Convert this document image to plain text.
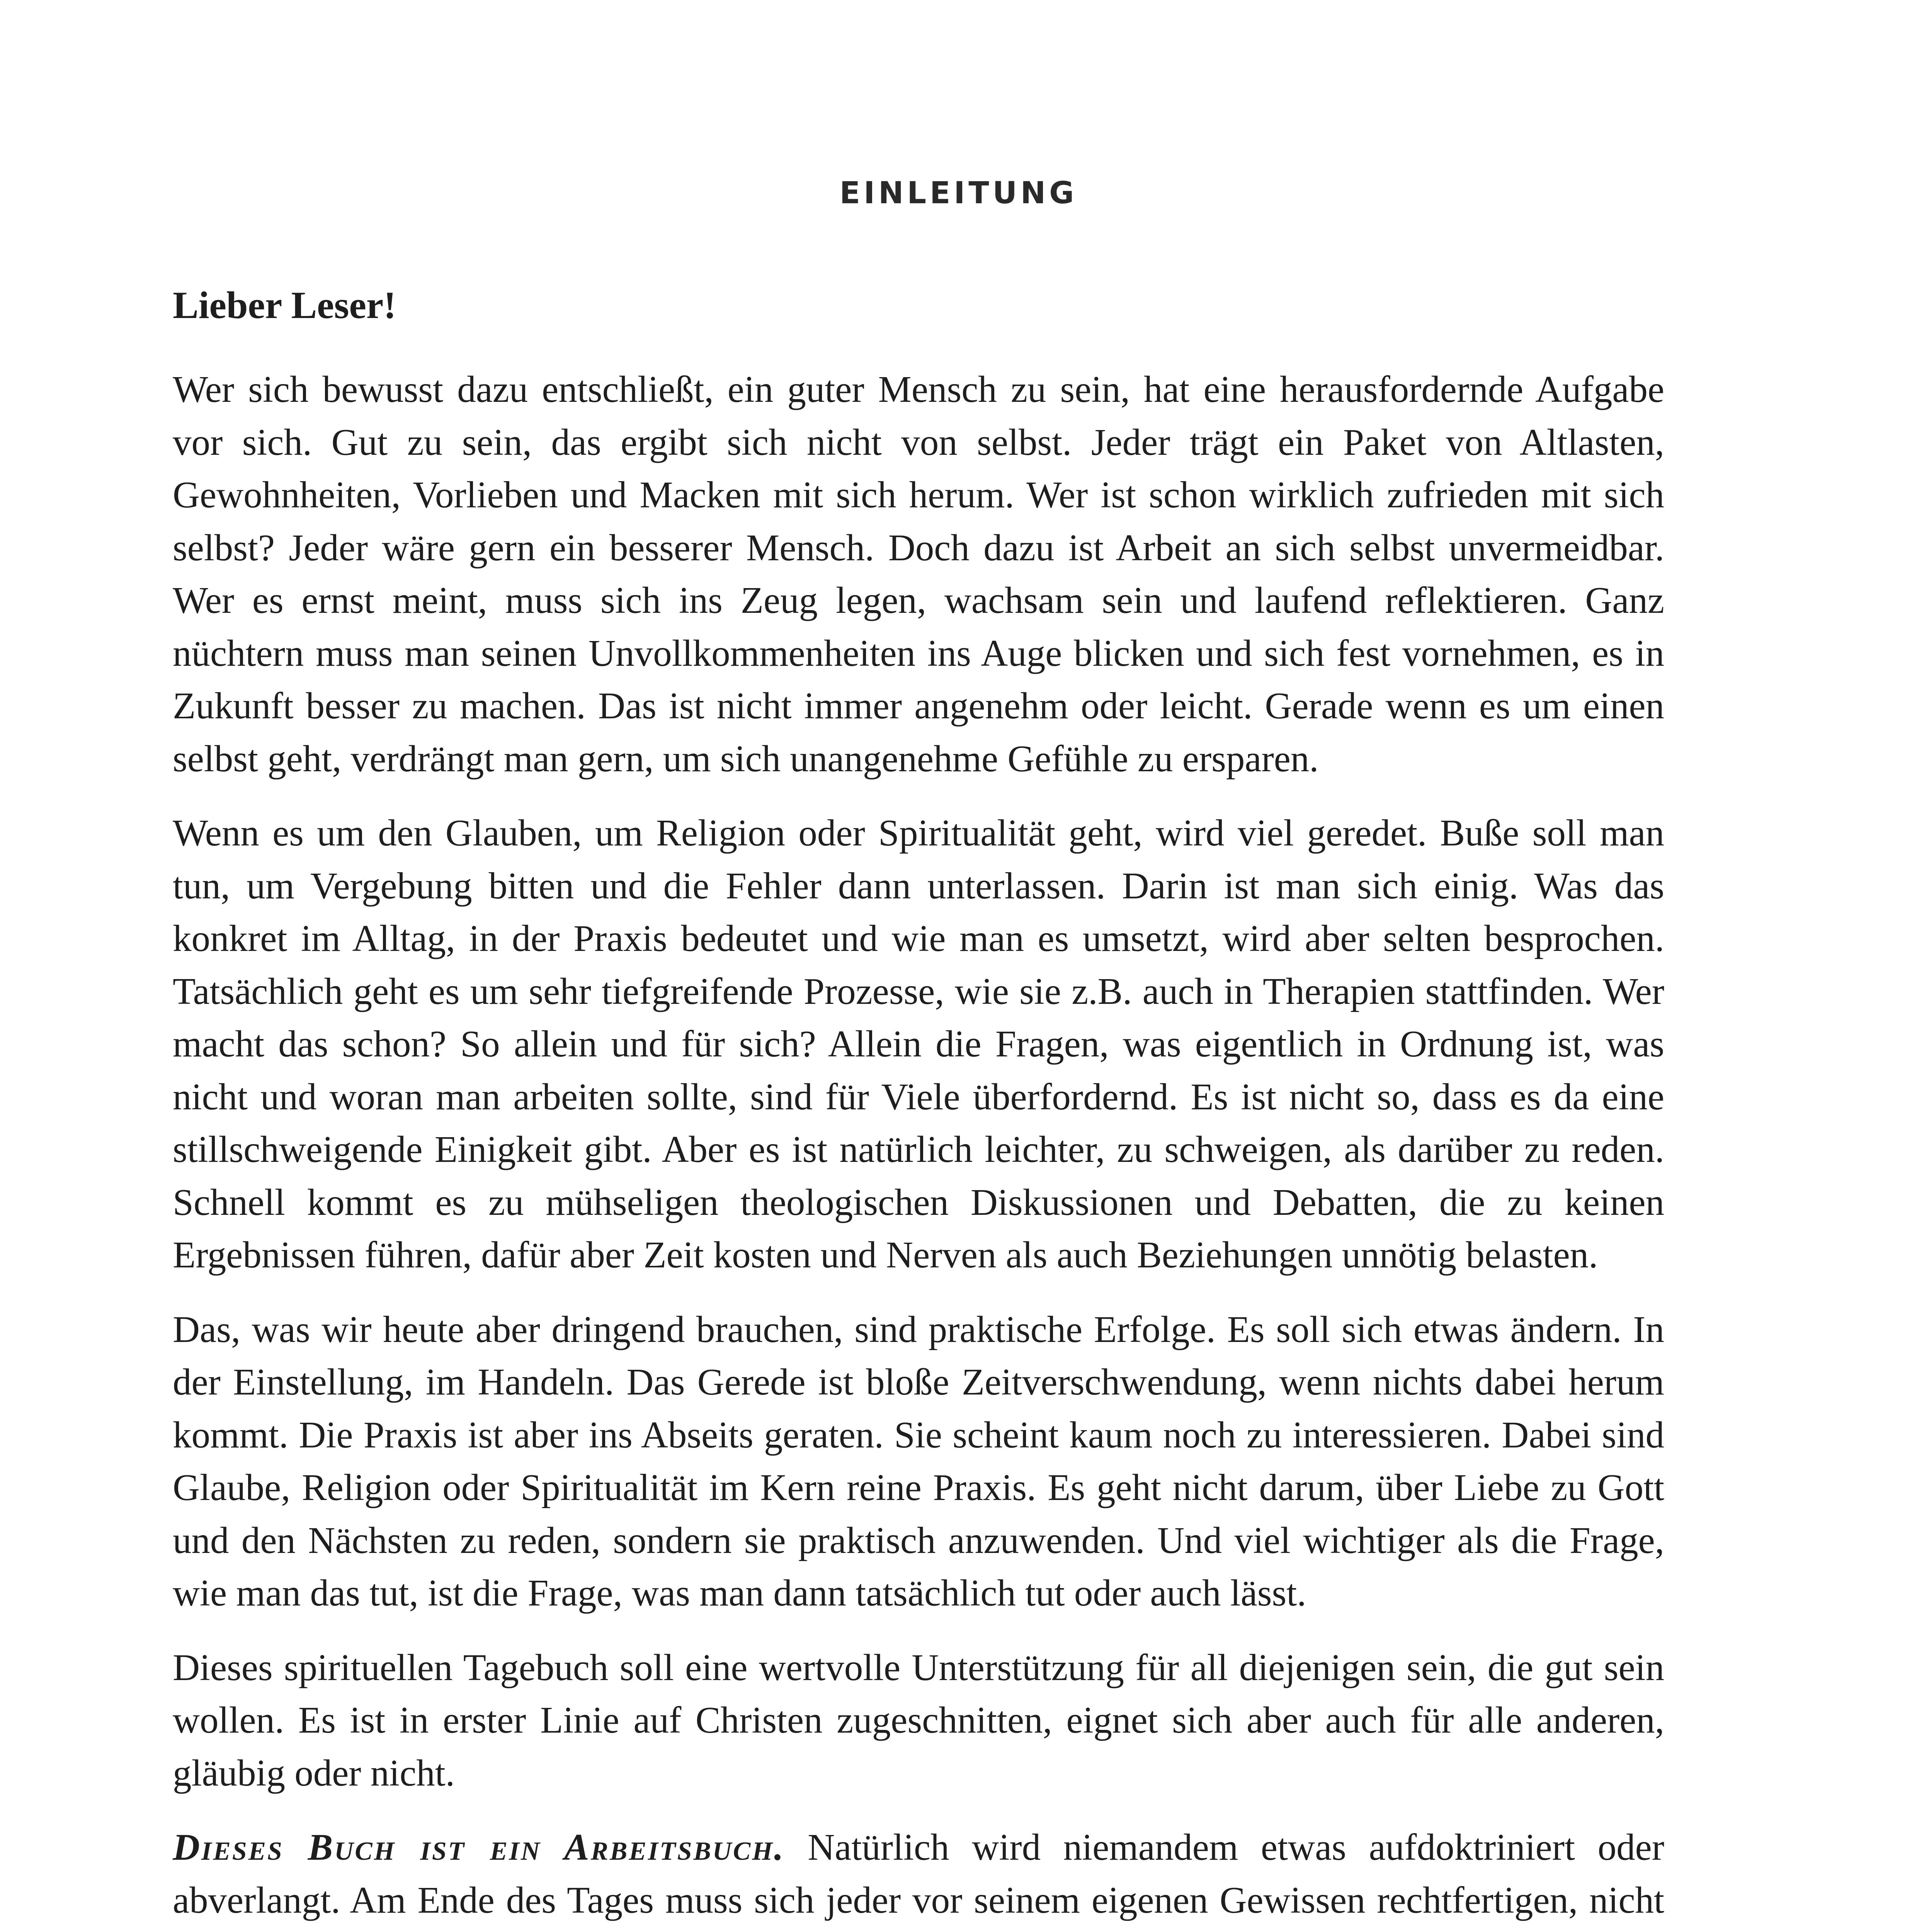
EINLEITUNG

Lieber Leser!

Wer sich bewusst dazu entschließt, ein guter Mensch zu sein, hat eine herausfordernde Aufgabe vor sich. Gut zu sein, das ergibt sich nicht von selbst. Jeder trägt ein Paket von Altlasten, Gewohnheiten, Vorlieben und Macken mit sich herum. Wer ist schon wirklich zufrieden mit sich selbst? Jeder wäre gern ein besserer Mensch. Doch dazu ist Arbeit an sich selbst unvermeidbar. Wer es ernst meint, muss sich ins Zeug legen, wachsam sein und laufend reflektieren. Ganz nüchtern muss man seinen Unvollkommenheiten ins Auge blicken und sich fest vornehmen, es in Zukunft besser zu machen. Das ist nicht immer angenehm oder leicht. Gerade wenn es um einen selbst geht, verdrängt man gern, um sich unangenehme Gefühle zu ersparen.

Wenn es um den Glauben, um Religion oder Spiritualität geht, wird viel geredet. Buße soll man tun, um Vergebung bitten und die Fehler dann unterlassen. Darin ist man sich einig. Was das konkret im Alltag, in der Praxis bedeutet und wie man es umsetzt, wird aber selten besprochen. Tatsächlich geht es um sehr tiefgreifende Prozesse, wie sie z.B. auch in Therapien stattfinden. Wer macht das schon? So allein und für sich? Allein die Fragen, was eigentlich in Ordnung ist, was nicht und woran man arbeiten sollte, sind für Viele überfordernd. Es ist nicht so, dass es da eine stillschweigende Einigkeit gibt. Aber es ist natürlich leichter, zu schweigen, als darüber zu reden. Schnell kommt es zu mühseligen theologischen Diskussionen und Debatten, die zu keinen Ergebnissen führen, dafür aber Zeit kosten und Nerven als auch Beziehungen unnötig belasten.

Das, was wir heute aber dringend brauchen, sind praktische Erfolge. Es soll sich etwas ändern. In der Einstellung, im Handeln. Das Gerede ist bloße Zeitverschwendung, wenn nichts dabei herum kommt. Die Praxis ist aber ins Abseits geraten. Sie scheint kaum noch zu interessieren. Dabei sind Glaube, Religion oder Spiritualität im Kern reine Praxis. Es geht nicht darum, über Liebe zu Gott und den Nächsten zu reden, sondern sie praktisch anzuwenden. Und viel wichtiger als die Frage, wie man das tut, ist die Frage, was man dann tatsächlich tut oder auch lässt.

Dieses spirituellen Tagebuch soll eine wertvolle Unterstützung für all diejenigen sein, die gut sein wollen. Es ist in erster Linie auf Christen zugeschnitten, eignet sich aber auch für alle anderen, gläubig oder nicht.

Dieses Buch ist ein Arbeitsbuch. Natürlich wird niemandem etwas aufdoktriniert oder abverlangt. Am Ende des Tages muss sich jeder vor seinem eigenen Gewissen rechtfertigen, nicht
